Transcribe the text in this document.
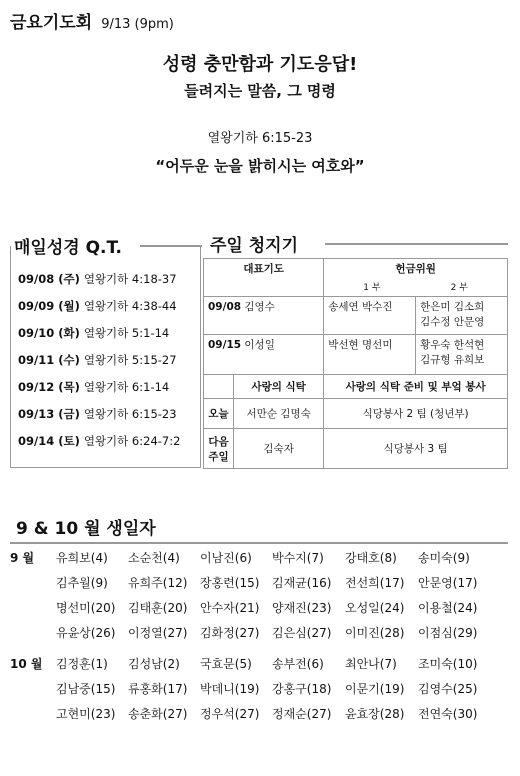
금요기도회 9/13 (9pm)
성령 충만함과 기도응답!
들려지는 말씀, 그 명령
열왕기하 6:15-23
“어두운 눈을 밝히시는 여호와”
매일성경 Q.T.
09/08 (주) 열왕기하 4:18-37
09/09 (월) 열왕기하 4:38-44
09/10 (화) 열왕기하 5:1-14
09/11 (수) 열왕기하 5:15-27
09/12 (목) 열왕기하 6:1-14
09/13 (금) 열왕기하 6:15-23
09/14 (토) 열왕기하 6:24-7:2
주일 청지기
대표기도		헌금위원
1 부 2 부	

09/08 김영수		송세연 박수진	한은미 김소희
김수정 안문영

09/15 이성일		박선현 명선미	황우숙 한석현
김규형 유희보

	사랑의 식탁	사랑의 식탁 준비 및 부엌 봉사	
오늘	서만순 김명숙	식당봉사 2 팀 (청년부)	

다음
주일	김숙자	식당봉사 3 팀	
9 & 10 월 생일자
9 월
10 월
유희보(4) 소순천(4) 이남진(6) 박수지(7) 강태호(8) 송미숙(9)
김추월(9) 유희주(12) 장홍련(15) 김재균(16) 전선희(17) 안문영(17)
명선미(20) 김태훈(20) 안수자(21) 양재진(23) 오성일(24) 이용철(24)
유윤상(26) 이정열(27) 김화정(27) 김은심(27) 이미진(28) 이점심(29)
김정훈(1) 김성남(2) 국효문(5) 송부전(6) 최안나(7) 조미숙(10)
김남중(15) 류홍화(17) 박데니(19) 강홍구(18) 이문기(19) 김영수(25)
고현미(23) 송춘화(27) 정우석(27) 정재순(27) 윤효장(28) 전연숙(30)
